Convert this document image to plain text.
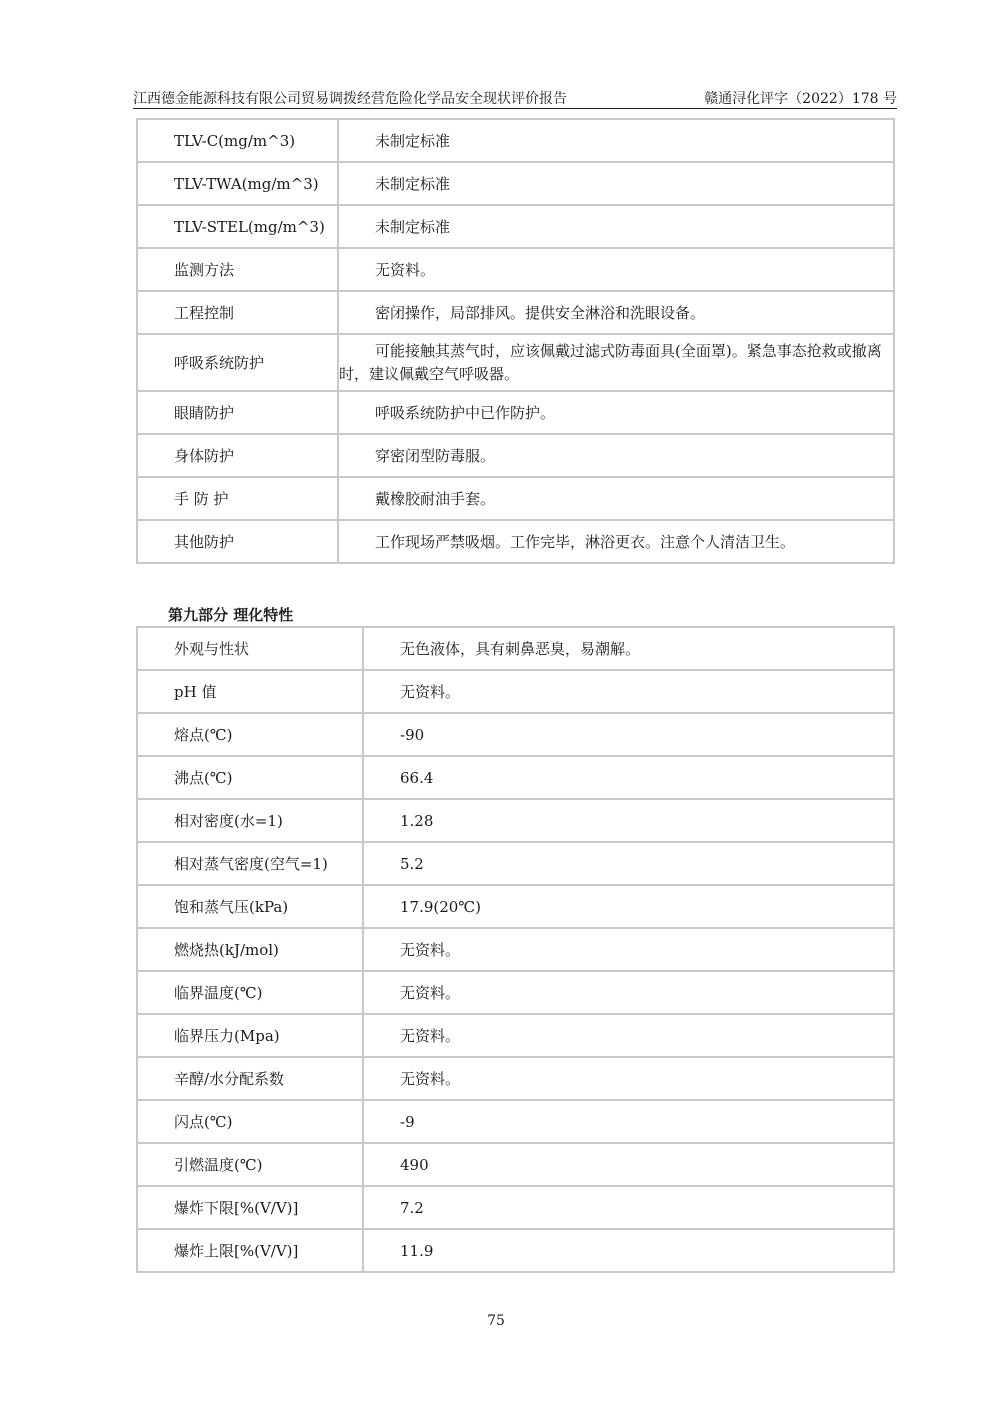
江西德金能源科技有限公司贸易调拨经营危险化学品安全现状评价报告	赣通浔化评字（2022）178 号
TLV-C(mg/m^3)	未制定标准
TLV-TWA(mg/m^3)	未制定标准
TLV-STEL(mg/m^3)	未制定标准
监测方法	无资料。
工程控制	密闭操作，局部排风。提供安全淋浴和洗眼设备。
呼吸系统防护	可能接触其蒸气时，应该佩戴过滤式防毒面具(全面罩)。紧急事态抢救或撤离时，建议佩戴空气呼吸器。
眼睛防护	呼吸系统防护中已作防护。
身体防护	穿密闭型防毒服。
手 防 护	戴橡胶耐油手套。
其他防护	工作现场严禁吸烟。工作完毕，淋浴更衣。注意个人清洁卫生。
第九部分 理化特性
外观与性状	无色液体，具有刺鼻恶臭，易潮解。
pH 值	无资料。
熔点(℃)	-90
沸点(℃)	66.4
相对密度(水=1)	1.28
相对蒸气密度(空气=1)	5.2
饱和蒸气压(kPa)	17.9(20℃)
燃烧热(kJ/mol)	无资料。
临界温度(℃)	无资料。
临界压力(Mpa)	无资料。
辛醇/水分配系数	无资料。
闪点(℃)	-9
引燃温度(℃)	490
爆炸下限[%(V/V)]	7.2
爆炸上限[%(V/V)]	11.9
75
